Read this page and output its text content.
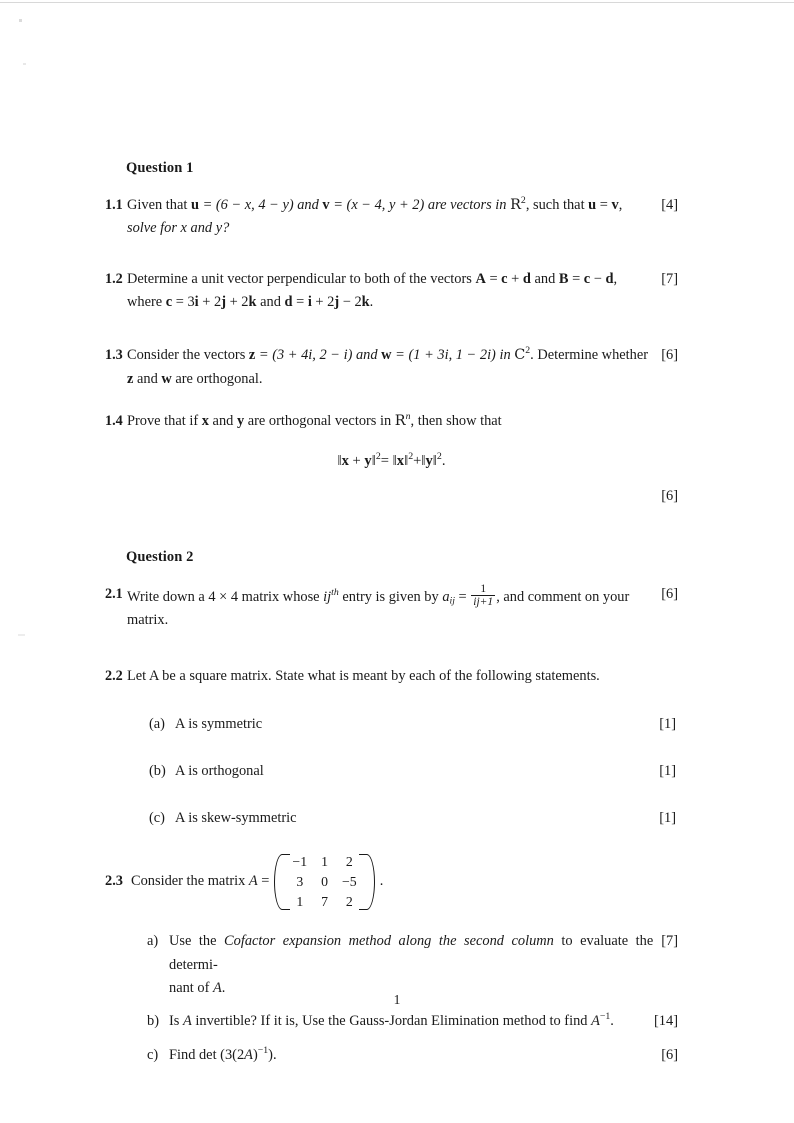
Question 1
1.1	[4]
Given that u = (6 − x, 4 − y) and v = (x − 4, y + 2) are vectors in $R^2$, such that u = v,
solve for x and y?
1.2	[7]
Determine a unit vector perpendicular to both of the vectors A = c + d and B = c − d,
where c = 3i + 2j + 2k and d = i + 2j − 2k.
1.3	[6]
Consider the vectors z = (3 + 4i, 2 − i) and w = (1 + 3i, 1 − 2i) in $C^2$. Determine whether
z and w are orthogonal.
1.4 Prove that if x and y are orthogonal vectors in $R^n$, then show that
‖x + y‖$^2$= ‖x‖$^2$+‖y‖$^2$.
[6]
Question 2
2.1	[6]
Write down a 4 × 4 matrix whose $ij^{th}$ entry is given by $a_{ij} = \frac{1}{ij+1}$ , and comment on your
matrix.
2.2 Let A be a square matrix. State what is meant by each of the following statements.
[1]
(a) A is symmetric
[1]
(b) A is orthogonal
[1]
(c) A is skew-symmetric
2.3 Consider the matrix A =
−1	1	2
3	0	−5
1	7	2
.
a)	[7]
Use the Cofactor expansion method along the second column to evaluate the determi-
nant of A.
b)	[14]
Is A invertible? If it is, Use the Gauss-Jordan Elimination method to find $A^{-1}$.
c)	[6]
Find $\det (3(2A)^{-1})$.
1
